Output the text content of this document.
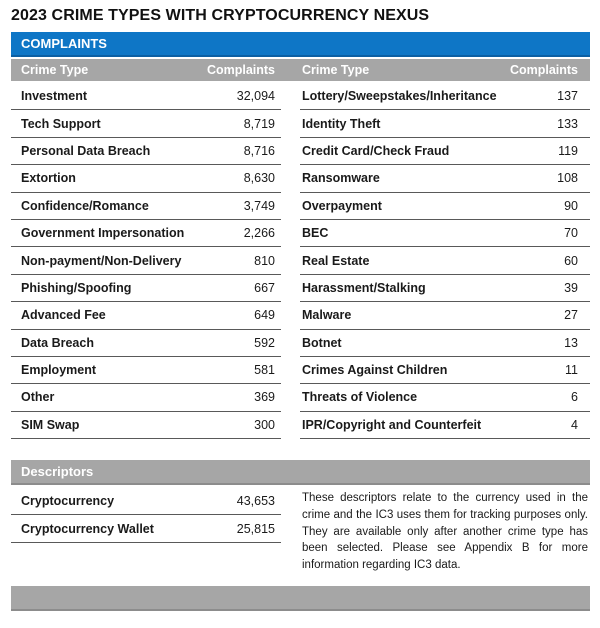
2023 CRIME TYPES WITH CRYPTOCURRENCY NEXUS
COMPLAINTS
Crime Type	Complaints Crime Type	Complaints
Investment	32,094
Tech Support	8,719
Personal Data Breach	8,716
Extortion	8,630
Confidence/Romance	3,749
Government Impersonation	2,266
Non-payment/Non-Delivery	810
Phishing/Spoofing	667
Advanced Fee	649
Data Breach	592
Employment	581
Other	369
SIM Swap	300
Lottery/Sweepstakes/Inheritance	137
Identity Theft	133
Credit Card/Check Fraud	119
Ransomware	108
Overpayment	90
BEC	70
Real Estate	60
Harassment/Stalking	39
Malware	27
Botnet	13
Crimes Against Children	11
Threats of Violence	6
IPR/Copyright and Counterfeit	4
Descriptors
Cryptocurrency	43,653
Cryptocurrency Wallet	25,815
These descriptors relate to the currency used in the crime and the IC3 uses them for tracking purposes only. They are available only after another crime type has been selected. Please see Appendix B for more information regarding IC3 data.
